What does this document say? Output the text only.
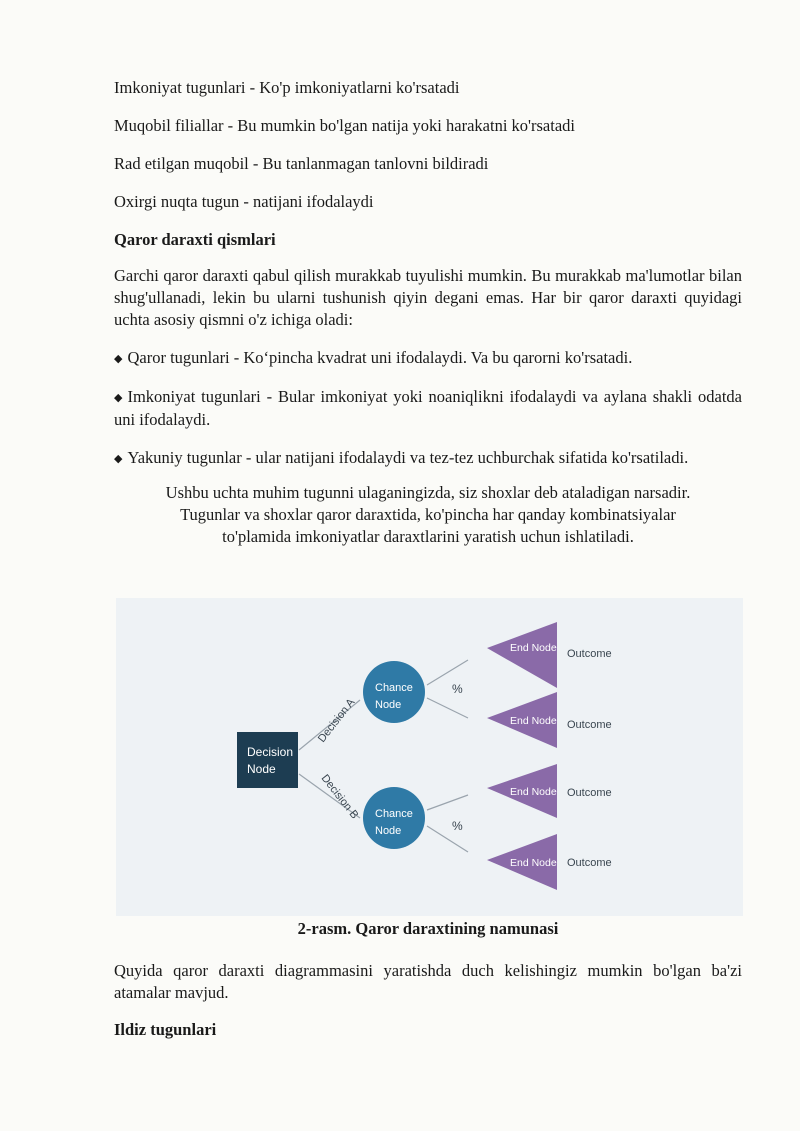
Imkoniyat tugunlari - Ko'p imkoniyatlarni ko'rsatadi

Muqobil filiallar - Bu mumkin bo'lgan natija yoki harakatni ko'rsatadi

Rad etilgan muqobil - Bu tanlanmagan tanlovni bildiradi

Oxirgi nuqta tugun - natijani ifodalaydi

Qaror daraxti qismlari

Garchi qaror daraxti qabul qilish murakkab tuyulishi mumkin. Bu murakkab ma'lumotlar bilan shug'ullanadi, lekin bu ularni tushunish qiyin degani emas. Har bir qaror daraxti quyidagi uchta asosiy qismni o'z ichiga oladi:

◆ Qaror tugunlari - Ko‘pincha kvadrat uni ifodalaydi. Va bu qarorni ko'rsatadi.

◆ Imkoniyat tugunlari - Bular imkoniyat yoki noaniqlikni ifodalaydi va aylana shakli odatda uni ifodalaydi.

◆ Yakuniy tugunlar - ular natijani ifodalaydi va tez-tez uchburchak sifatida ko'rsatiladi.

Ushbu uchta muhim tugunni ulaganingizda, siz shoxlar deb ataladigan narsadir.

Tugunlar va shoxlar qaror daraxtida, ko'pincha har qanday kombinatsiyalar

to'plamida imkoniyatlar daraxtlarini yaratish uchun ishlatiladi.

Decision A
Decision B
Decision
Node
Chance
Node
Chance
Node
%
%
End Node Outcome
End Node Outcome
End Node Outcome
End Node Outcome

2-rasm. Qaror daraxtining namunasi

Quyida qaror daraxti diagrammasini yaratishda duch kelishingiz mumkin bo'lgan ba'zi atamalar mavjud.

Ildiz tugunlari
